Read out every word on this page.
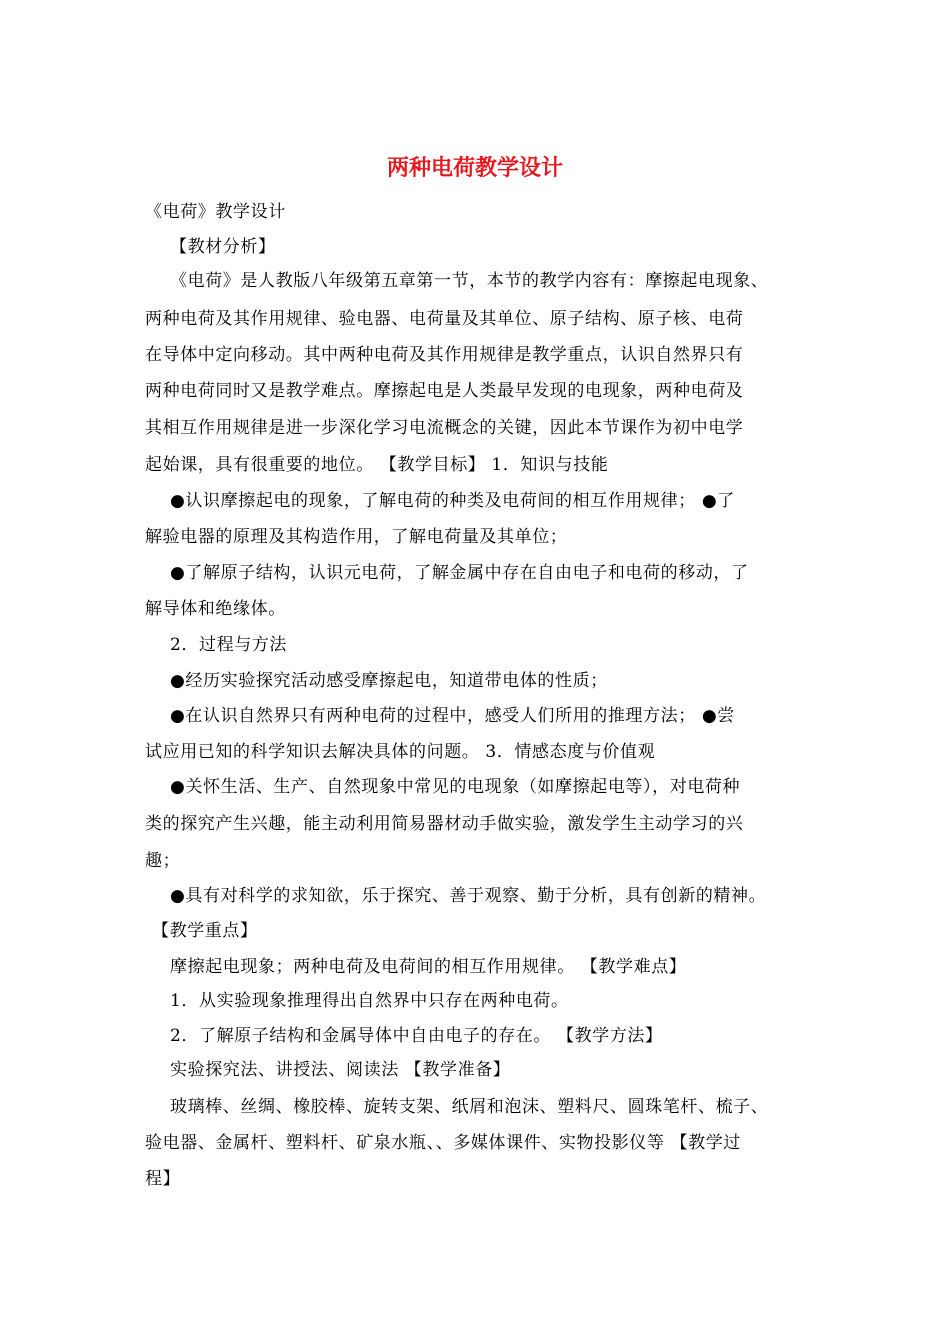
两种电荷教学设计
《电荷》教学设计
【教材分析】
《电荷》是人教版八年级第五章第一节，本节的教学内容有：摩擦起电现象、
两种电荷及其作用规律、验电器、电荷量及其单位、原子结构、原子核、电荷
在导体中定向移动。其中两种电荷及其作用规律是教学重点，认识自然界只有
两种电荷同时又是教学难点。摩擦起电是人类最早发现的电现象，两种电荷及
其相互作用规律是进一步深化学习电流概念的关键，因此本节课作为初中电学
起始课，具有很重要的地位。 【教学目标】 1．知识与技能
●认识摩擦起电的现象，了解电荷的种类及电荷间的相互作用规律； ●了
解验电器的原理及其构造作用，了解电荷量及其单位；
●了解原子结构，认识元电荷，了解金属中存在自由电子和电荷的移动，了
解导体和绝缘体。
2．过程与方法
●经历实验探究活动感受摩擦起电，知道带电体的性质；
●在认识自然界只有两种电荷的过程中，感受人们所用的推理方法； ●尝
试应用已知的科学知识去解决具体的问题。 3．情感态度与价值观
●关怀生活、生产、自然现象中常见的电现象（如摩擦起电等），对电荷种
类的探究产生兴趣，能主动利用简易器材动手做实验，激发学生主动学习的兴
趣；
●具有对科学的求知欲，乐于探究、善于观察、勤于分析，具有创新的精神。
【教学重点】
摩擦起电现象；两种电荷及电荷间的相互作用规律。 【教学难点】
1．从实验现象推理得出自然界中只存在两种电荷。
2．了解原子结构和金属导体中自由电子的存在。 【教学方法】
实验探究法、讲授法、阅读法 【教学准备】
玻璃棒、丝绸、橡胶棒、旋转支架、纸屑和泡沫、塑料尺、圆珠笔杆、梳子、
验电器、金属杆、塑料杆、矿泉水瓶、、多媒体课件、实物投影仪等 【教学过
程】
